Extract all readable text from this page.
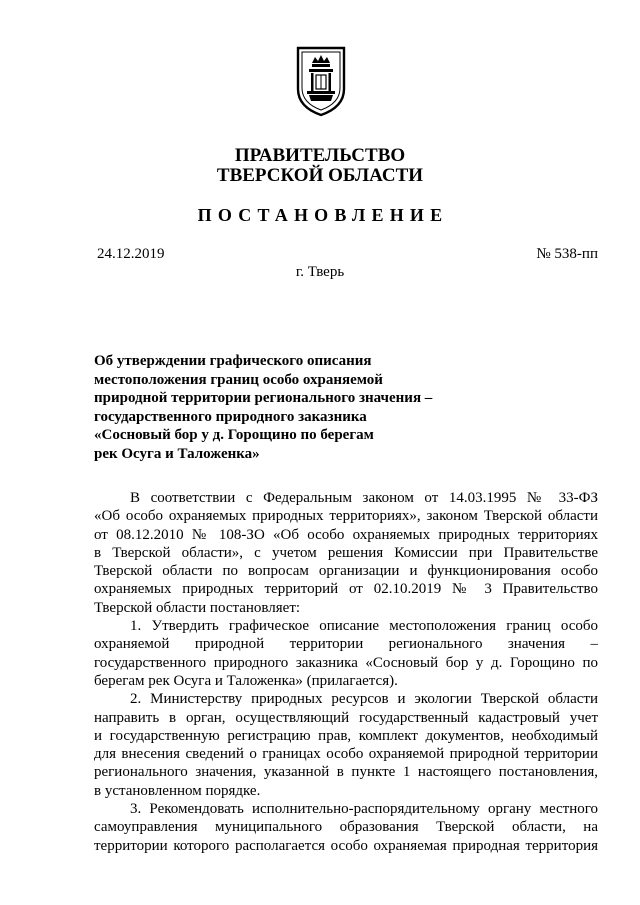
ПРАВИТЕЛЬСТВО
ТВЕРСКОЙ ОБЛАСТИ
ПОСТАНОВЛЕНИЕ
24.12.2019	№ 538-пп
г. Тверь
Об утверждении графического описания
местоположения границ особо охраняемой
природной территории регионального значения –
государственного природного заказника
«Сосновый бор у д. Горощино по берегам
рек Осуга и Таложенка»
В соответствии с Федеральным законом от 14.03.1995 № 33-ФЗ
«Об особо охраняемых природных территориях», законом Тверской области
от 08.12.2010 № 108-ЗО «Об особо охраняемых природных территориях
в Тверской области», с учетом решения Комиссии при Правительстве
Тверской области по вопросам организации и функционирования особо
охраняемых природных территорий от 02.10.2019 № 3 Правительство
Тверской области постановляет:
1. Утвердить графическое описание местоположения границ особо
охраняемой природной территории регионального значения –
государственного природного заказника «Сосновый бор у д. Горощино по
берегам рек Осуга и Таложенка» (прилагается).
2. Министерству природных ресурсов и экологии Тверской области
направить в орган, осуществляющий государственный кадастровый учет
и государственную регистрацию прав, комплект документов, необходимый
для внесения сведений о границах особо охраняемой природной территории
регионального значения, указанной в пункте 1 настоящего постановления,
в установленном порядке.
3. Рекомендовать исполнительно-распорядительному органу местного
самоуправления муниципального образования Тверской области, на
территории которого располагается особо охраняемая природная территория
